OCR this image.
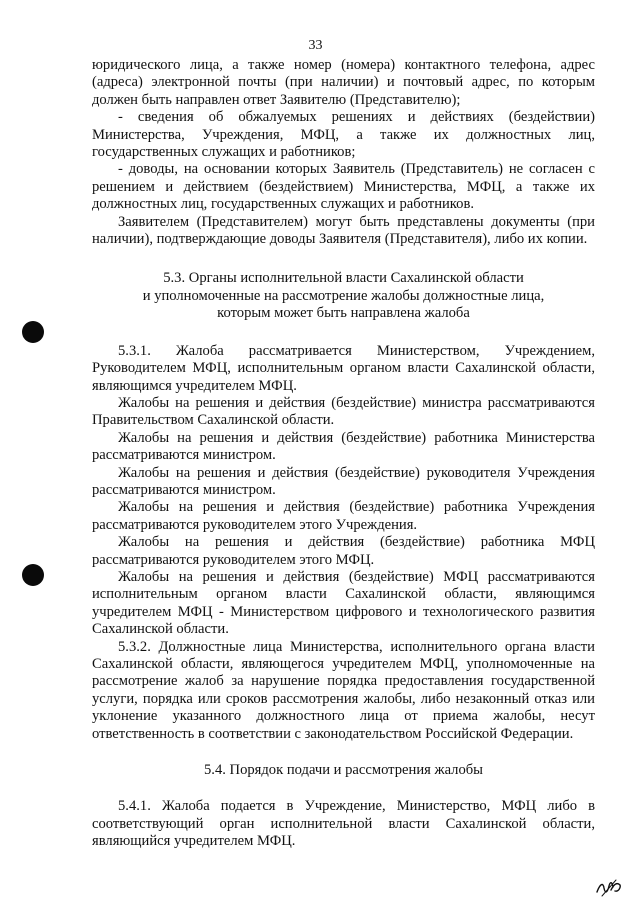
33

юридического лица, а также номер (номера) контактного телефона, адрес (адреса) электронной почты (при наличии) и почтовый адрес, по которым должен быть направлен ответ Заявителю (Представителю);

- сведения об обжалуемых решениях и действиях (бездействии) Министерства, Учреждения, МФЦ, а также их должностных лиц, государственных служащих и работников;

- доводы, на основании которых Заявитель (Представитель) не согласен с решением и действием (бездействием) Министерства, МФЦ, а также их должностных лиц, государственных служащих и работников.

Заявителем (Представителем) могут быть представлены документы (при наличии), подтверждающие доводы Заявителя (Представителя), либо их копии.

5.3. Органы исполнительной власти Сахалинской области

и уполномоченные на рассмотрение жалобы должностные лица,

которым может быть направлена жалоба

5.3.1. Жалоба рассматривается Министерством, Учреждением, Руководителем МФЦ, исполнительным органом власти Сахалинской области, являющимся учредителем МФЦ.

Жалобы на решения и действия (бездействие) министра рассматриваются Правительством Сахалинской области.

Жалобы на решения и действия (бездействие) работника Министерства рассматриваются министром.

Жалобы на решения и действия (бездействие) руководителя Учреждения рассматриваются министром.

Жалобы на решения и действия (бездействие) работника Учреждения рассматриваются руководителем этого Учреждения.

Жалобы на решения и действия (бездействие) работника МФЦ рассматриваются руководителем этого МФЦ.

Жалобы на решения и действия (бездействие) МФЦ рассматриваются исполнительным органом власти Сахалинской области, являющимся учредителем МФЦ - Министерством цифрового и технологического развития Сахалинской области.

5.3.2. Должностные лица Министерства, исполнительного органа власти Сахалинской области, являющегося учредителем МФЦ, уполномоченные на рассмотрение жалоб за нарушение порядка предоставления государственной услуги, порядка или сроков рассмотрения жалобы, либо незаконный отказ или уклонение указанного должностного лица от приема жалобы, несут ответственность в соответствии с законодательством Российской Федерации.

5.4. Порядок подачи и рассмотрения жалобы

5.4.1. Жалоба подается в Учреждение, Министерство, МФЦ либо в соответствующий орган исполнительной власти Сахалинской области, являющийся учредителем МФЦ.
